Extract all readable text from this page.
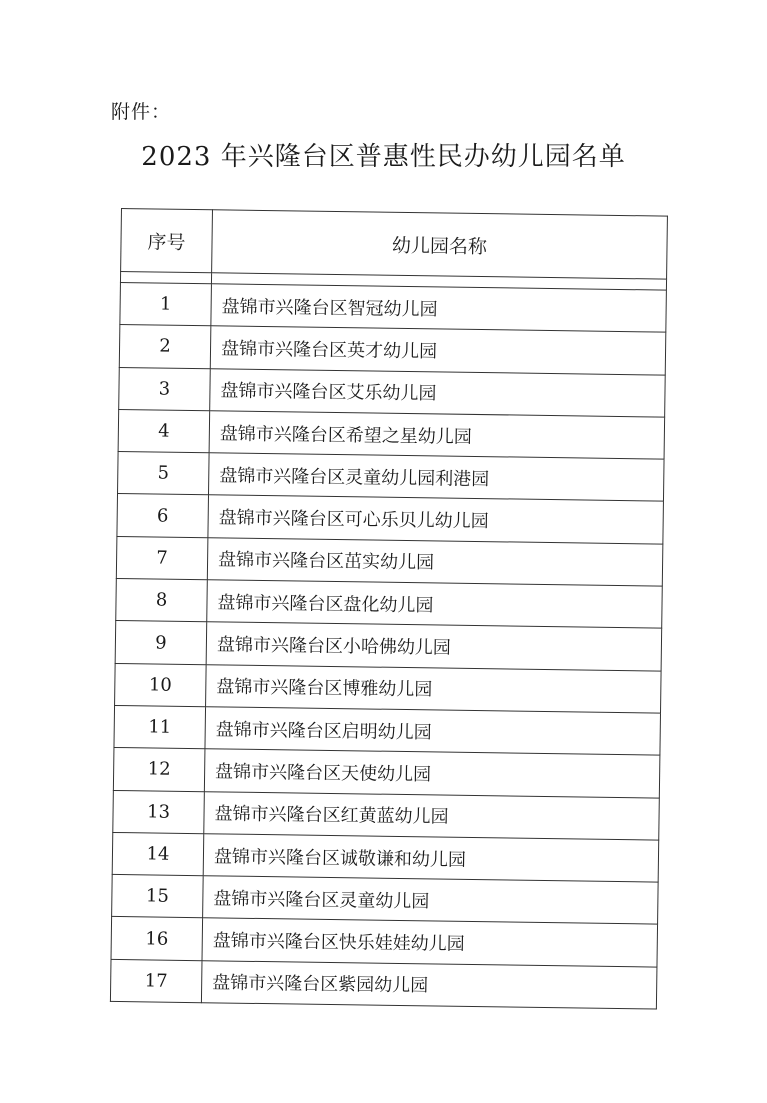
附件：
2023 年兴隆台区普惠性民办幼儿园名单
序号	幼儿园名称

1	盘锦市兴隆台区智冠幼儿园
2	盘锦市兴隆台区英才幼儿园
3	盘锦市兴隆台区艾乐幼儿园
4	盘锦市兴隆台区希望之星幼儿园
5	盘锦市兴隆台区灵童幼儿园利港园
6	盘锦市兴隆台区可心乐贝儿幼儿园
7	盘锦市兴隆台区茁实幼儿园
8	盘锦市兴隆台区盘化幼儿园
9	盘锦市兴隆台区小哈佛幼儿园
10	盘锦市兴隆台区博雅幼儿园
11	盘锦市兴隆台区启明幼儿园
12	盘锦市兴隆台区天使幼儿园
13	盘锦市兴隆台区红黄蓝幼儿园
14	盘锦市兴隆台区诚敬谦和幼儿园
15	盘锦市兴隆台区灵童幼儿园
16	盘锦市兴隆台区快乐娃娃幼儿园
17	盘锦市兴隆台区紫园幼儿园
